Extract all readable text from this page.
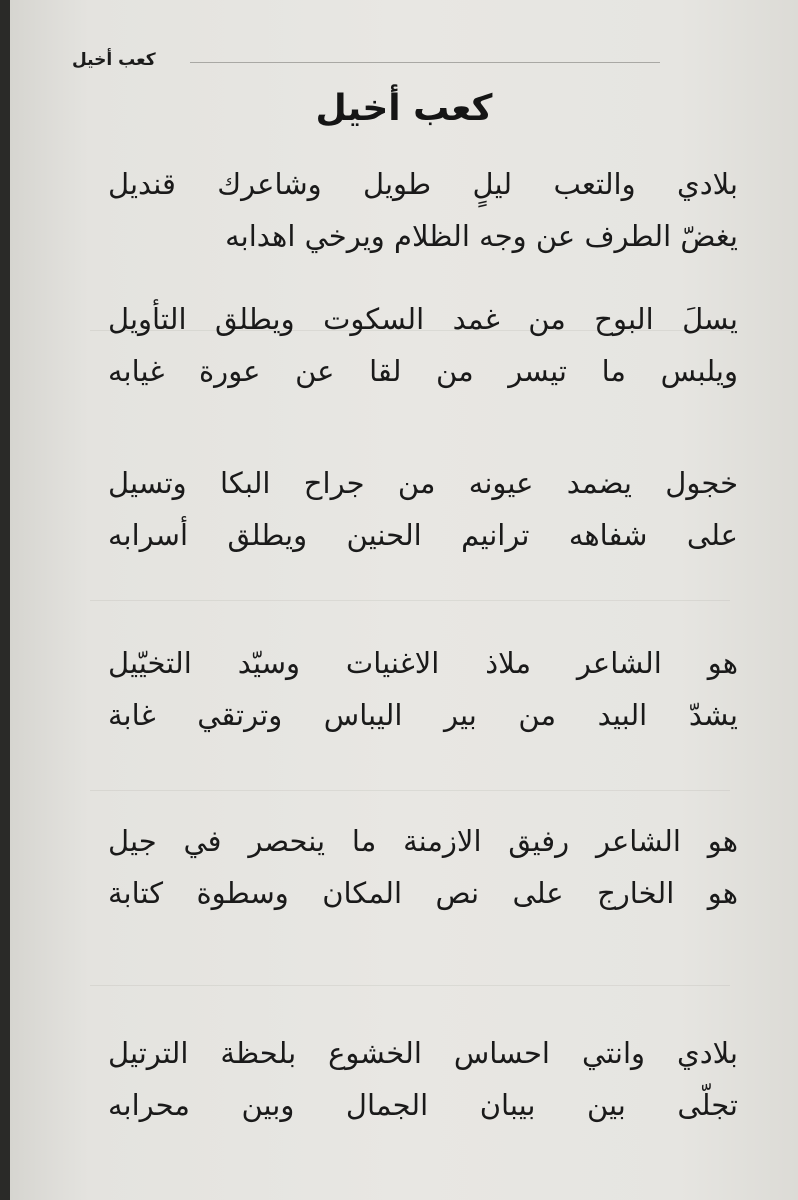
كعب أخيل
كعب أخيل
بلادي والتعب ليلٍ طويل وشاعرك قنديل
يغضّ الطرف عن وجه الظلام ويرخي اهدابه
يسلَ البوح من غمد السكوت ويطلق التأويل
ويلبس ما تيسر من لقا عن عورة غيابه
خجول يضمد عيونه من جراح البكا وتسيل
على شفاهه ترانيم الحنين ويطلق أسرابه
هو الشاعر ملاذ الاغنيات وسيّد التخيّيل
يشدّ البيد من بير اليباس وترتقي غابة
هو الشاعر رفيق الازمنة ما ينحصر في جيل
هو الخارج على نص المكان وسطوة كتابة
بلادي وانتي احساس الخشوع بلحظة الترتيل
تجلّى بين بيبان الجمال وبين محرابه
